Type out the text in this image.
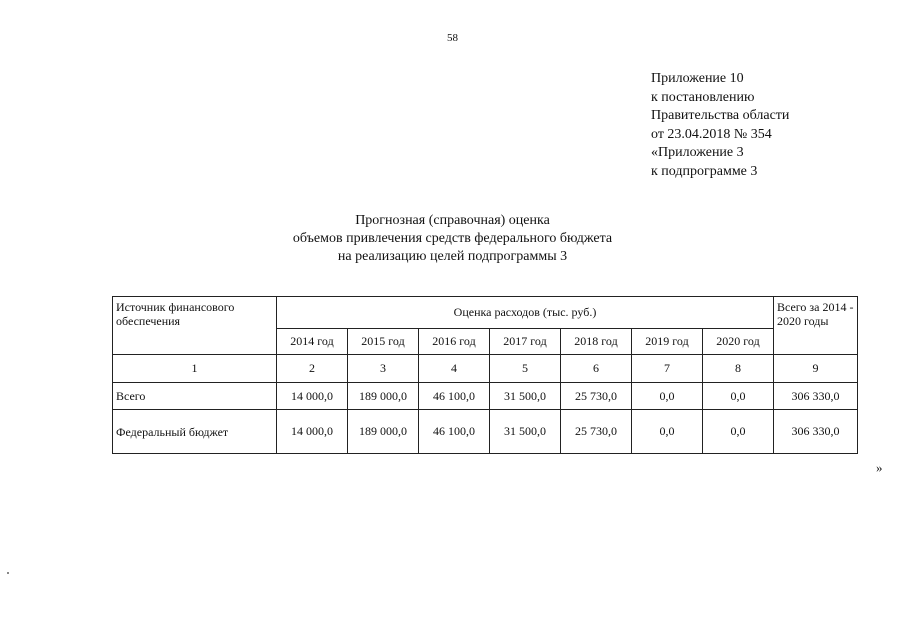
58
Приложение 10
к постановлению
Правительства области
от 23.04.2018 № 354
«Приложение 3
к подпрограмме 3
Прогнозная (справочная) оценка
объемов привлечения средств федерального бюджета
на реализацию целей подпрограммы 3
Источник финансового обеспечения	Оценка расходов (тыс. руб.)							Всего за 2014 - 2020 годы
	2014 год	2015 год	2016 год	2017 год	2018 год	2019 год	2020 год	
1	2	3	4	5	6	7	8	9
Всего	14 000,0	189 000,0	46 100,0	31 500,0	25 730,0	0,0	0,0	306 330,0
Федеральный бюджет	14 000,0	189 000,0	46 100,0	31 500,0	25 730,0	0,0	0,0	306 330,0
»
